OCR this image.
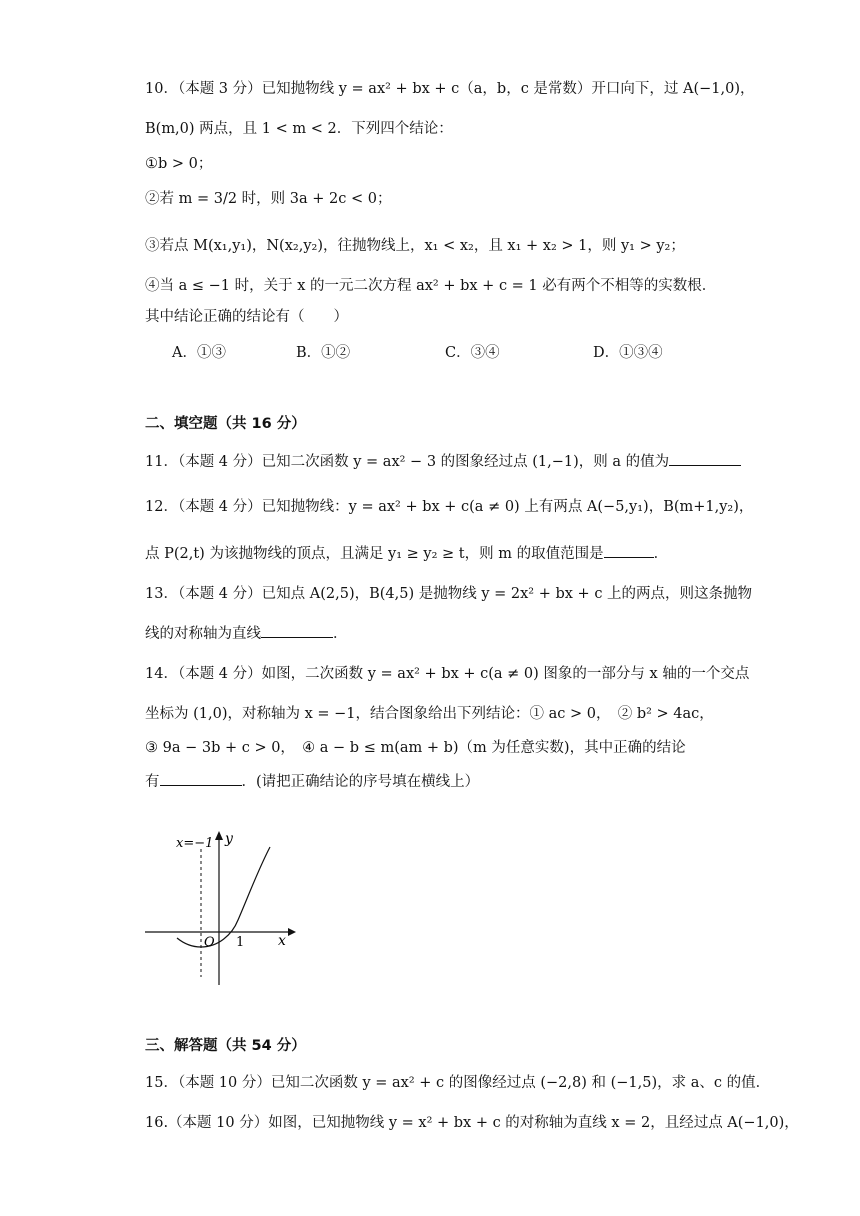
10．（本题 3 分）已知抛物线 y = ax² + bx + c（a，b，c 是常数）开口向下，过 A(−1,0)，
B(m,0) 两点，且 1 < m < 2．下列四个结论：
①b > 0；
②若 m = 3/2 时，则 3a + 2c < 0；
③若点 M(x₁,y₁)，N(x₂,y₂)，往抛物线上，x₁ < x₂，且 x₁ + x₂ > 1，则 y₁ > y₂；
④当 a ≤ −1 时，关于 x 的一元二次方程 ax² + bx + c = 1 必有两个不相等的实数根．
其中结论正确的结论有（　　）
A．①③	B．①②	C．③④	D．①③④
二、填空题（共 16 分）
11．（本题 4 分）已知二次函数 y = ax² − 3 的图象经过点 (1,−1)，则 a 的值为
12．（本题 4 分）已知抛物线：y = ax² + bx + c(a ≠ 0) 上有两点 A(−5,y₁)，B(m+1,y₂)，
点 P(2,t) 为该抛物线的顶点，且满足 y₁ ≥ y₂ ≥ t，则 m 的取值范围是	．
13．（本题 4 分）已知点 A(2,5)，B(4,5) 是抛物线 y = 2x² + bx + c 上的两点，则这条抛物
线的对称轴为直线	．
14．（本题 4 分）如图，二次函数 y = ax² + bx + c(a ≠ 0) 图象的一部分与 x 轴的一个交点
坐标为 (1,0)，对称轴为 x = −1，结合图象给出下列结论：① ac > 0，　② b² > 4ac，
③ 9a − 3b + c > 0，　④ a − b ≤ m(am + b)（m 为任意实数)，其中正确的结论
有	．(请把正确结论的序号填在横线上）
x=−1 y
x
O 1
三、解答题（共 54 分）
15．（本题 10 分）已知二次函数 y = ax² + c 的图像经过点 (−2,8) 和 (−1,5)，求 a、c 的值．
16.（本题 10 分）如图，已知抛物线 y = x² + bx + c 的对称轴为直线 x = 2，且经过点 A(−1,0)，
